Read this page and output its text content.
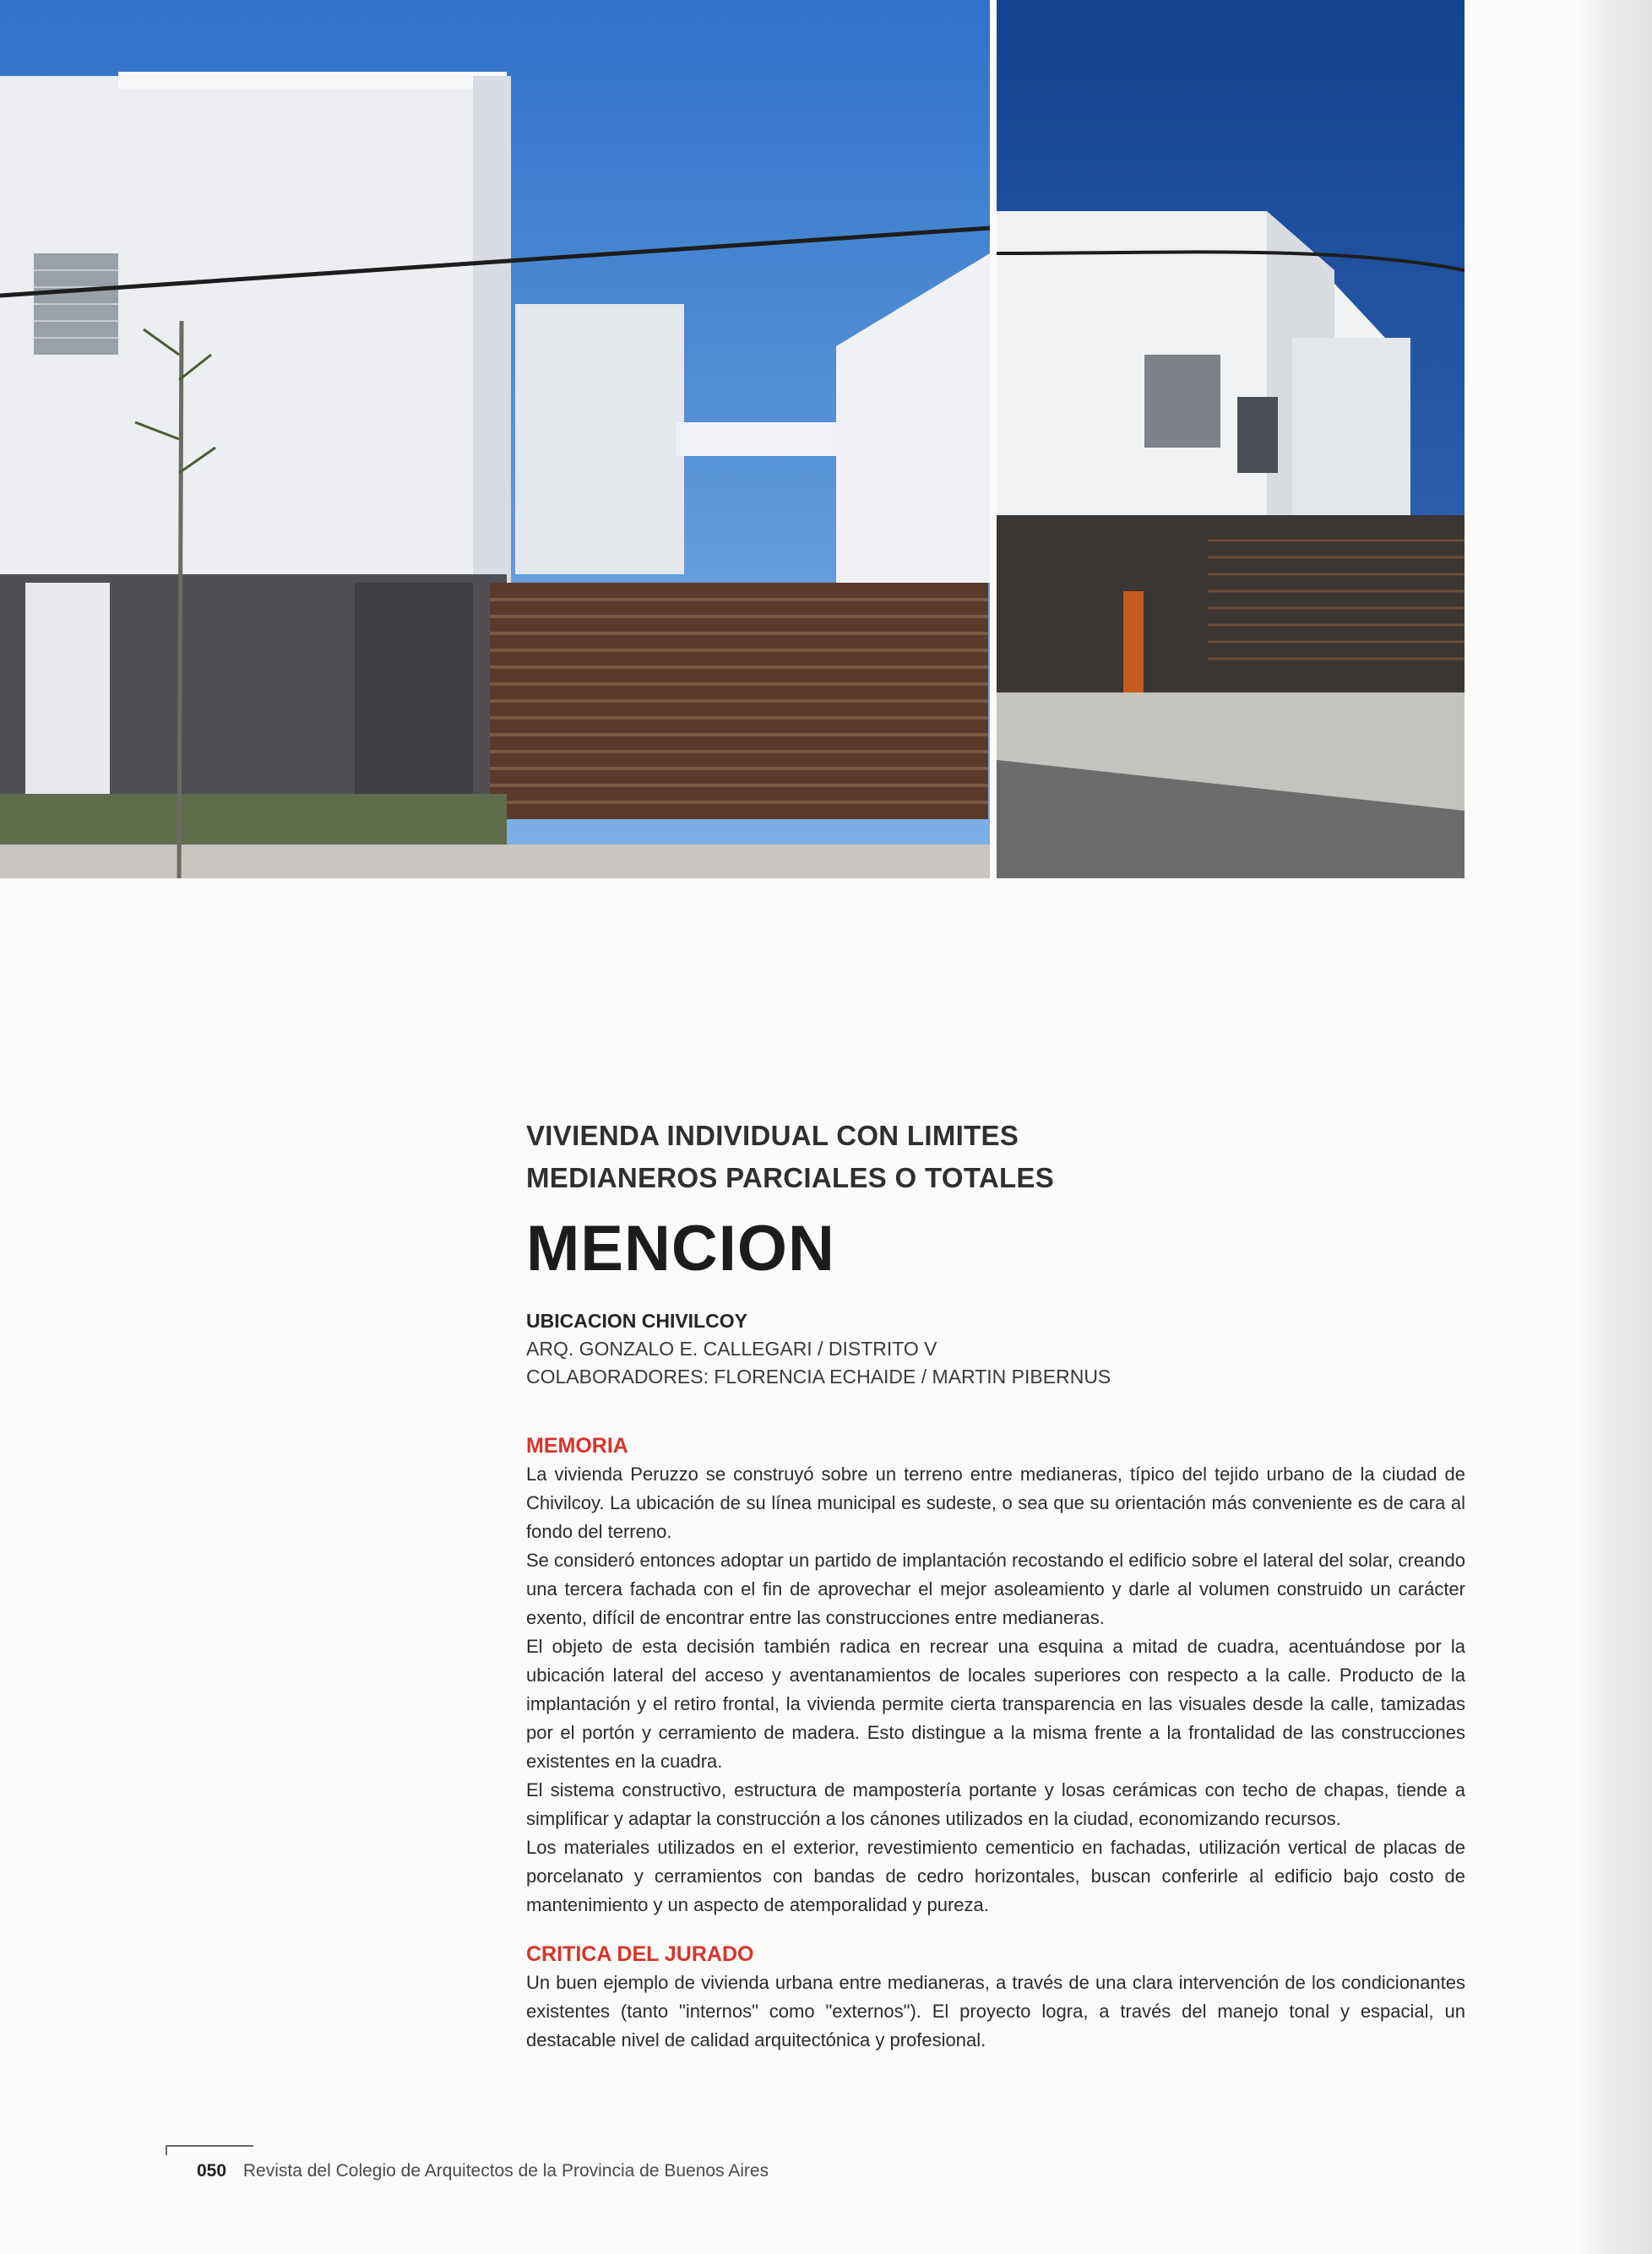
VIVIENDA INDIVIDUAL CON LIMITES
MEDIANEROS PARCIALES O TOTALES
MENCION
UBICACION CHIVILCOY
ARQ. GONZALO E. CALLEGARI / DISTRITO V
COLABORADORES: FLORENCIA ECHAIDE / MARTIN PIBERNUS
MEMORIA

La vivienda Peruzzo se construyó sobre un terreno entre medianeras, típico del tejido urbano de la ciudad de Chivilcoy. La ubicación de su línea municipal es sudeste, o sea que su orientación más conveniente es de cara al fondo del terreno.

Se consideró entonces adoptar un partido de implantación recostando el edificio sobre el lateral del solar, creando una tercera fachada con el fin de aprovechar el mejor asoleamiento y darle al volumen construido un carácter exento, difícil de encontrar entre las construcciones entre medianeras.

El objeto de esta decisión también radica en recrear una esquina a mitad de cuadra, acentuándose por la ubicación lateral del acceso y aventanamientos de locales superiores con respecto a la calle. Producto de la implantación y el retiro frontal, la vivienda permite cierta transparencia en las visuales desde la calle, tamizadas por el portón y cerramiento de madera. Esto distingue a la misma frente a la frontalidad de las construcciones existentes en la cuadra.

El sistema constructivo, estructura de mampostería portante y losas cerámicas con techo de chapas, tiende a simplificar y adaptar la construcción a los cánones utilizados en la ciudad, economizando recursos.

Los materiales utilizados en el exterior, revestimiento cementicio en fachadas, utilización vertical de placas de porcelanato y cerramientos con bandas de cedro horizontales, buscan conferirle al edificio bajo costo de mantenimiento y un aspecto de atemporalidad y pureza.

CRITICA DEL JURADO

Un buen ejemplo de vivienda urbana entre medianeras, a través de una clara intervención de los condicionantes existentes (tanto "internos" como "externos"). El proyecto logra, a través del manejo tonal y espacial, un destacable nivel de calidad arquitectónica y profesional.

050 Revista del Colegio de Arquitectos de la Provincia de Buenos Aires
